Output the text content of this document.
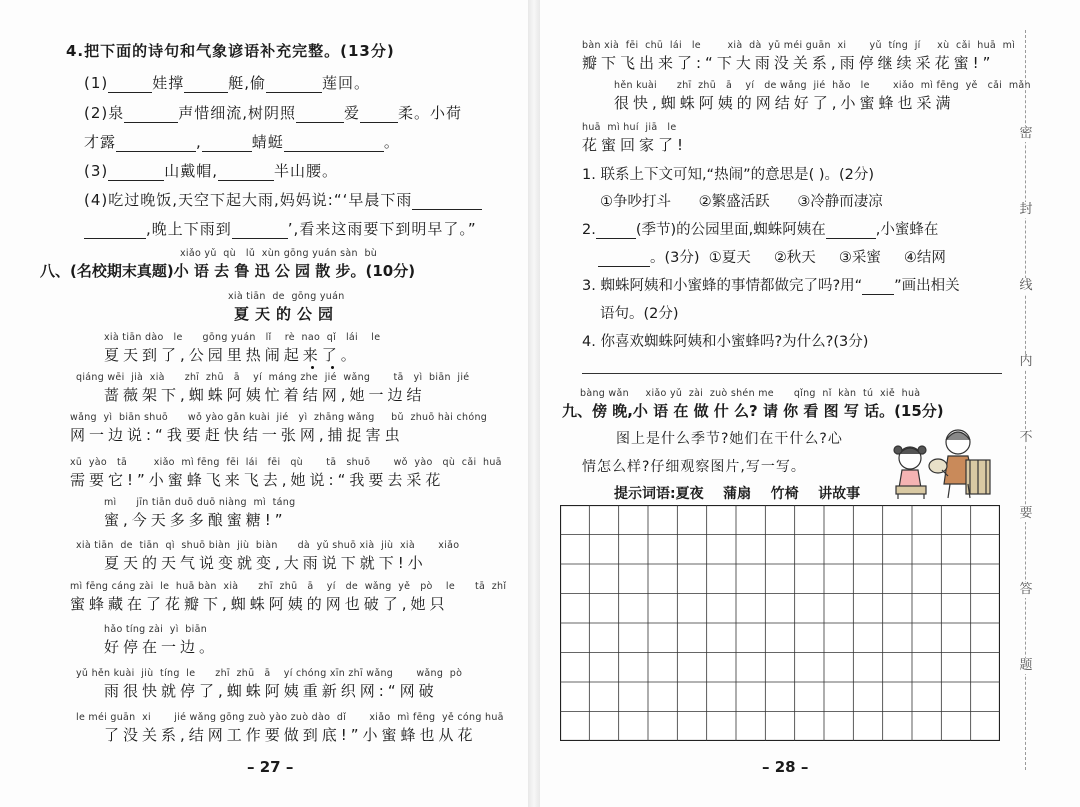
4.把下面的诗句和气象谚语补充完整。(13分)
(1)	娃撑	艇,偷	莲回。
(2)泉	声惜细流,树阴照	爱	柔。小荷
才露	,	蜻蜓	。
(3)	山戴帽,	半山腰。
(4)吃过晚饭,天空下起大雨,妈妈说:“‘早晨下雨
,晚上下雨到	’,看来这雨要下到明早了。”
xiǎo yǔ  qù   lǔ  xùn gōng yuán sàn  bù
八、(名校期末真题)小 语 去 鲁 迅 公 园 散 步。(10分)
xià tiān  de  gōng yuán
夏天的公园
xià tiān dào   le      gōng yuán   lǐ    rè  nao  qǐ   lái    le
夏天到了,公园里热闹起来了。
qiáng wēi  jià  xià      zhī  zhū   ā    yí  máng zhe  jié  wǎng       tā   yì  biān  jié
蔷薇架下,蜘蛛阿姨忙着结网,她一边结
wǎng  yì  biān shuō      wǒ yào gǎn kuài  jié   yì  zhāng wǎng     bǔ  zhuō hài chóng
网一边说:“我要赶快结一张网,捕捉害虫
xū  yào   tā        xiǎo  mì fēng  fēi  lái   fēi   qù       tā   shuō       wǒ  yào   qù  cǎi  huā
需要它!”小蜜蜂飞来飞去,她说:“我要去采花
mì      jīn tiān duō duō niàng  mì  táng
蜜,今天多多酿蜜糖!”
xià tiān  de  tiān  qì  shuō biàn  jiù  biàn      dà  yǔ shuō xià  jiù  xià       xiǎo
夏天的天气说变就变,大雨说下就下!小
mì fēng cáng zài  le  huā bàn  xià      zhī  zhū   ā    yí   de  wǎng  yě   pò    le      tā  zhǐ
蜜蜂藏在了花瓣下,蜘蛛阿姨的网也破了,她只
hǎo tíng zài  yì  biān
好停在一边。
yǔ hěn kuài  jiù  tíng  le      zhī  zhū   ā    yí chóng xīn zhī wǎng       wǎng  pò
雨很快就停了,蜘蛛阿姨重新织网:“网破
le méi guān  xi       jié wǎng gōng zuò yào zuò dào  dǐ       xiǎo  mì fēng  yě cóng huā
了没关系,结网工作要做到底!”小蜜蜂也从花
– 27 –
bàn xià  fēi  chū  lái   le        xià  dà  yǔ méi guān  xi       yǔ  tíng  jí     xù  cǎi  huā  mì
瓣下飞出来了:“下大雨没关系,雨停继续采花蜜!”
hěn kuài      zhī  zhū   ā    yí   de wǎng  jié  hǎo   le       xiǎo  mì fēng  yě   cǎi  mǎn
很快,蜘蛛阿姨的网结好了,小蜜蜂也采满
huā  mì huí  jiā   le
花蜜回家了!
1. 联系上下文可知,“热闹”的意思是( )。(2分)
①争吵打斗 ②繁盛活跃 ③冷静而凄凉
2.	(季节)的公园里面,蜘蛛阿姨在	,小蜜蜂在
。(3分) ①夏天 ②秋天 ③采蜜 ④结网
3. 蜘蛛阿姨和小蜜蜂的事情都做完了吗?用“ ”画出相关
语句。(2分)
4. 你喜欢蜘蛛阿姨和小蜜蜂吗?为什么?(3分)
bàng wǎn     xiǎo yǔ  zài  zuò shén me      qǐng  nǐ  kàn  tú  xiě  huà
九、傍 晚,小 语 在 做 什 么? 请 你 看 图 写 话。(15分)
图上是什么季节?她们在干什么?心
情怎么样?仔细观察图片,写一写。
提示词语:夏夜 蒲扇 竹椅 讲故事
– 28 –
密
封
线
内
不
要
答
题
